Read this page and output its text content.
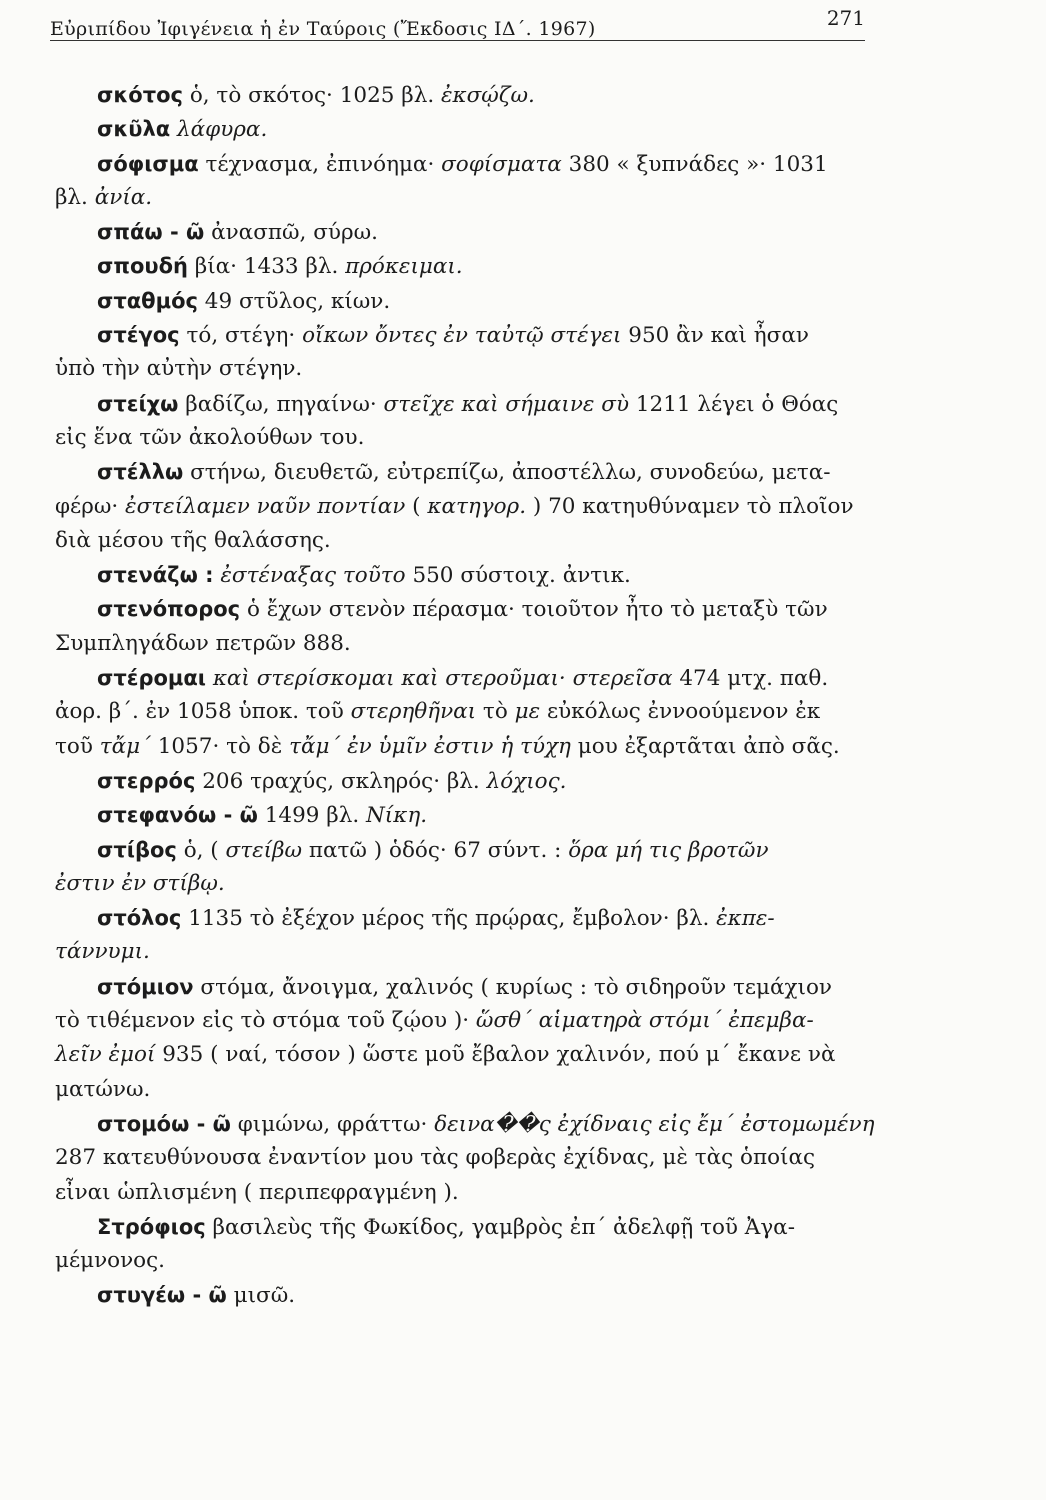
Εὐριπίδου Ἰφιγένεια ἡ ἐν Ταύροις (Ἔκδοσις ΙΔ΄. 1967)	271
σκότος ὁ, τὸ σκότος· 1025 βλ. ἐκσῴζω.
σκῦλα λάφυρα.
σόφισμα τέχνασμα, ἐπινόημα· σοφίσματα 380 « ξυπνάδες »· 1031
βλ. ἀνία.
σπάω - ῶ ἀνασπῶ, σύρω.
σπουδή βία· 1433 βλ. πρόκειμαι.
σταθμός 49 στῦλος, κίων.
στέγος τό, στέγη· οἴκων ὄντες ἐν ταὐτῷ στέγει 950 ἂν καὶ ἦσαν
ὑπὸ τὴν αὐτὴν στέγην.
στείχω βαδίζω, πηγαίνω· στεῖχε καὶ σήμαινε σὺ 1211 λέγει ὁ Θόας
εἰς ἕνα τῶν ἀκολούθων του.
στέλλω στήνω, διευθετῶ, εὐτρεπίζω, ἀποστέλλω, συνοδεύω, μετα-
φέρω· ἐστείλαμεν ναῦν ποντίαν ( κατηγορ. ) 70 κατηυθύναμεν τὸ πλοῖον
διὰ μέσου τῆς θαλάσσης.
στενάζω : ἐστέναξας τοῦτο 550 σύστοιχ. ἀντικ.
στενόπορος ὁ ἔχων στενὸν πέρασμα· τοιοῦτον ἦτο τὸ μεταξὺ τῶν
Συμπληγάδων πετρῶν 888.
στέρομαι καὶ στερίσκομαι καὶ στεροῦμαι· στερεῖσα 474 μτχ. παθ.
ἀορ. β΄. ἐν 1058 ὑποκ. τοῦ στερηθῆναι τὸ με εὐκόλως ἐννοούμενον ἐκ
τοῦ τἄμ΄ 1057· τὸ δὲ τἄμ΄ ἐν ὑμῖν ἐστιν ἡ τύχη μου ἐξαρτᾶται ἀπὸ σᾶς.
στερρός 206 τραχύς, σκληρός· βλ. λόχιος.
στεφανόω - ῶ 1499 βλ. Νίκη.
στίβος ὁ, ( στείβω πατῶ ) ὁδός· 67 σύντ. : ὅρα μή τις βροτῶν
ἐστιν ἐν στίβῳ.
στόλος 1135 τὸ ἐξέχον μέρος τῆς πρῴρας, ἔμβολον· βλ. ἐκπε-
τάννυμι.
στόμιον στόμα, ἄνοιγμα, χαλινός ( κυρίως : τὸ σιδηροῦν τεμάχιον
τὸ τιθέμενον εἰς τὸ στόμα τοῦ ζῴου )· ὥσθ΄ αἱματηρὰ στόμι΄ ἐπεμβα-
λεῖν ἐμοί 935 ( ναί, τόσον ) ὥστε μοῦ ἔβαλον χαλινόν, πού μ΄ ἔκανε νὰ
ματώνω.
στομόω - ῶ φιμώνω, φράττω· δεινα��ς ἐχίδναις εἰς ἔμ΄ ἐστομωμένη
287 κατευθύνουσα ἐναντίον μου τὰς φοβερὰς ἐχίδνας, μὲ τὰς ὁποίας
εἶναι ὡπλισμένη ( περιπεφραγμένη ).
Στρόφιος βασιλεὺς τῆς Φωκίδος, γαμβρὸς ἐπ΄ ἀδελφῇ τοῦ Ἀγα-
μέμνονος.
στυγέω - ῶ μισῶ.
